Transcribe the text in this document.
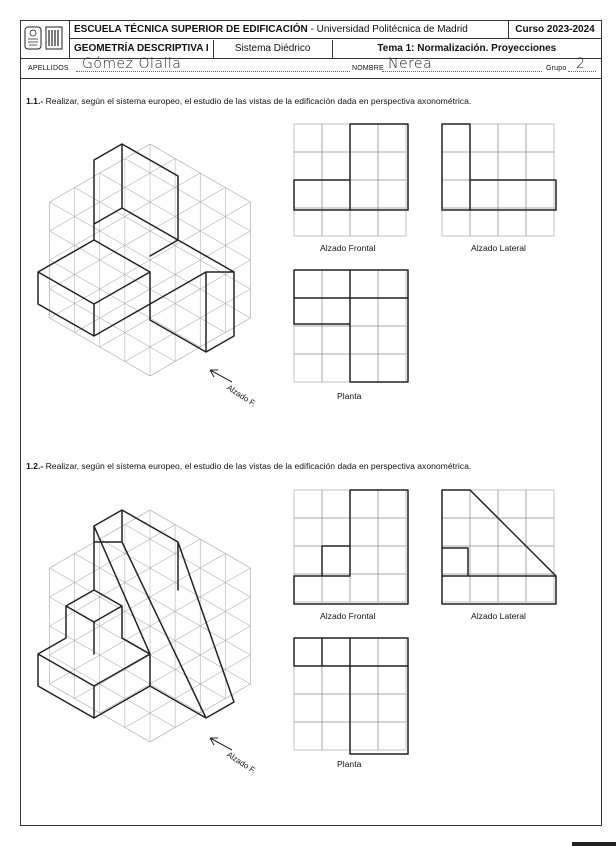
	ESCUELA TÉCNICA SUPERIOR DE EDIFICACIÓN - Universidad Politécnica de Madrid	Curso 2023-2024

GEOMETRÍA DESCRIPTIVA I	Sistema Diédrico	Tema 1: Normalización. Proyecciones
APELLIDOS Gómez Olalla	NOMBRE Nerea	Grupo 2
1.1.- Realizar, según el sistema europeo, el estudio de las vistas de la edificación dada en perspectiva axonométrica.
Alzado Frontal	Alzado Lateral
Planta
Alzado F.
1.2.- Realizar, según el sistema europeo, el estudio de las vistas de la edificación dada en perspectiva axonométrica.
Alzado Frontal	Alzado Lateral
Planta
Alzado F.
